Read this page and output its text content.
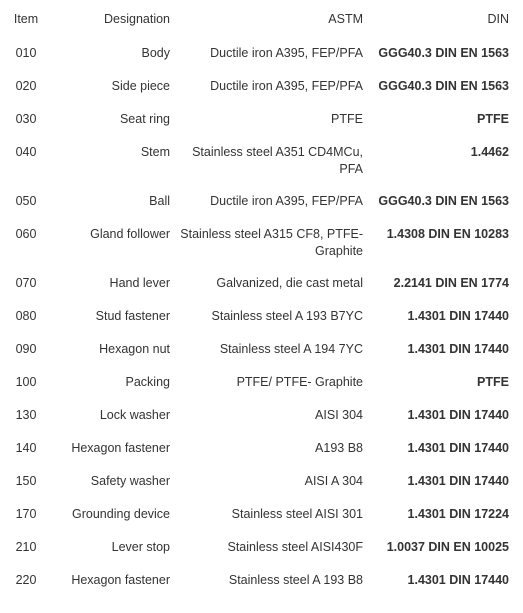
Item	Designation	ASTM	DIN
010	Body	Ductile iron A395, FEP/PFA	GGG40.3 DIN EN 1563
020	Side piece	Ductile iron A395, FEP/PFA	GGG40.3 DIN EN 1563
030	Seat ring	PTFE	PTFE
040	Stem	Stainless steel A351 CD4MCu, PFA	1.4462
050	Ball	Ductile iron A395, FEP/PFA	GGG40.3 DIN EN 1563
060	Gland follower	Stainless steel A315 CF8, PTFE-Graphite	1.4308 DIN EN 10283
070	Hand lever	Galvanized, die cast metal	2.2141 DIN EN 1774
080	Stud fastener	Stainless steel A 193 B7YC	1.4301 DIN 17440
090	Hexagon nut	Stainless steel A 194 7YC	1.4301 DIN 17440
100	Packing	PTFE/ PTFE- Graphite	PTFE
130	Lock washer	AISI 304	1.4301 DIN 17440
140	Hexagon fastener	A193 B8	1.4301 DIN 17440
150	Safety washer	AISI A 304	1.4301 DIN 17440
170	Grounding device	Stainless steel AISI 301	1.4301 DIN 17224
210	Lever stop	Stainless steel AISI430F	1.0037 DIN EN 10025
220	Hexagon fastener	Stainless steel A 193 B8	1.4301 DIN 17440
